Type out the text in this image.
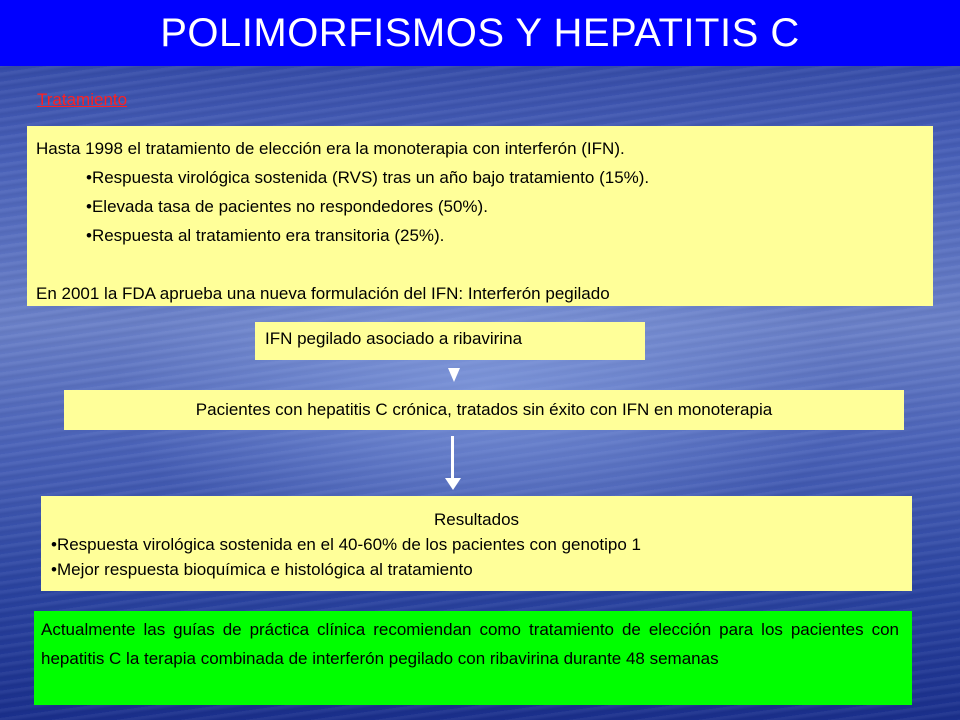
POLIMORFISMOS Y HEPATITIS C
Tratamiento
Hasta 1998 el tratamiento de elección era la monoterapia con interferón (IFN).
•Respuesta virológica sostenida (RVS) tras un año bajo tratamiento (15%).
•Elevada tasa de pacientes no respondedores (50%).
•Respuesta al tratamiento era transitoria (25%).
En 2001 la FDA aprueba una nueva formulación del IFN: Interferón pegilado
IFN pegilado asociado a ribavirina
Pacientes con hepatitis C crónica, tratados sin éxito con IFN en monoterapia
Resultados
•Respuesta virológica sostenida en el 40-60% de los pacientes con genotipo 1
•Mejor respuesta bioquímica e histológica al tratamiento
Actualmente las guías de práctica clínica recomiendan como tratamiento de elección para los pacientes con hepatitis C la terapia combinada de interferón pegilado con ribavirina durante 48 semanas
